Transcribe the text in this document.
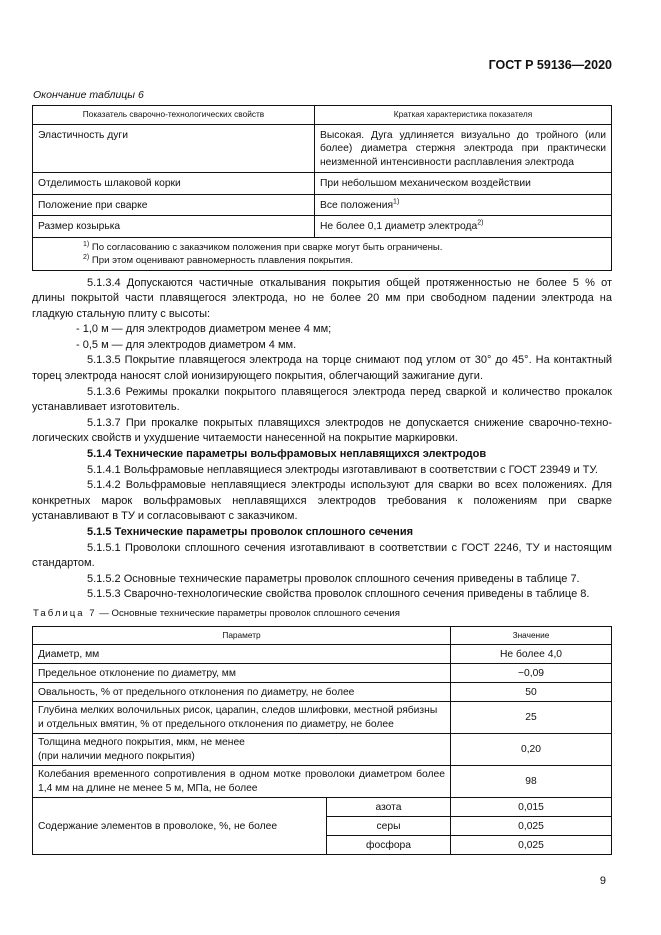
ГОСТ Р 59136—2020
Окончание таблицы 6
Показатель сварочно-технологических свойств	Краткая характеристика показателя
Эластичность дуги	Высокая. Дуга удлиняется визуально до тройного (или более) диаметра стержня электрода при практически неизменной интенсивности расплавления электрода
Отделимость шлаковой корки	При небольшом механическом воздействии
Положение при сварке	Все положения$^{1)}$
Размер козырька	Не более 0,1 диаметр электрода$^{2)}$

$^{1)}$ По согласованию с заказчиком положения при сварке могут быть ограничены.
$^{2)}$ При этом оценивают равномерность плавления покрытия.	

5.1.3.4 Допускаются частичные откалывания покрытия общей протяженностью не более 5 % от длины покрытой части плавящегося электрода, но не более 20 мм при свободном падении электрода на гладкую стальную плиту с высоты:

- 1,0 м — для электродов диаметром менее 4 мм;

- 0,5 м — для электродов диаметром 4 мм.

5.1.3.5 Покрытие плавящегося электрода на торце снимают под углом от 30° до 45°. На контактный торец электрода наносят слой ионизирующего покрытия, облегчающий зажигание дуги.

5.1.3.6 Режимы прокалки покрытого плавящегося электрода перед сваркой и количество прокалок устанавливает изготовитель.

5.1.3.7 При прокалке покрытых плавящихся электродов не допускается снижение сварочно-технологических свойств и ухудшение читаемости нанесенной на покрытие маркировки.

5.1.4 Технические параметры вольфрамовых неплавящихся электродов

5.1.4.1 Вольфрамовые неплавящиеся электроды изготавливают в соответствии с ГОСТ 23949 и ТУ.

5.1.4.2 Вольфрамовые неплавящиеся электроды используют для сварки во всех положениях. Для конкретных марок вольфрамовых неплавящихся электродов требования к положениям при сварке устанавливают в ТУ и согласовывают с заказчиком.

5.1.5 Технические параметры проволок сплошного сечения

5.1.5.1 Проволоки сплошного сечения изготавливают в соответствии с ГОСТ 2246, ТУ и настоящим стандартом.

5.1.5.2 Основные технические параметры проволок сплошного сечения приведены в таблице 7.

5.1.5.3 Сварочно-технологические свойства проволок сплошного сечения приведены в таблице 8.

Таблица 7 — Основные технические параметры проволок сплошного сечения
Параметр		Значение
Диаметр, мм		Не более 4,0
Предельное отклонение по диаметру, мм		−0,09
Овальность, % от предельного отклонения по диаметру, не более		50
Глубина мелких волочильных рисок, царапин, следов шлифовки, местной рябизны и отдельных вмятин, % от предельного отклонения по диаметру, не более		25

Толщина медного покрытия, мкм, не менее
(при наличии медного покрытия)		0,20
Колебания временного сопротивления в одном мотке проволоки диаметром более 1,4 мм на длине не менее 5 м, МПа, не более		98
Содержание элементов в проволоке, %, не более	азота	0,015
	серы	0,025
	фосфора	0,025
9
